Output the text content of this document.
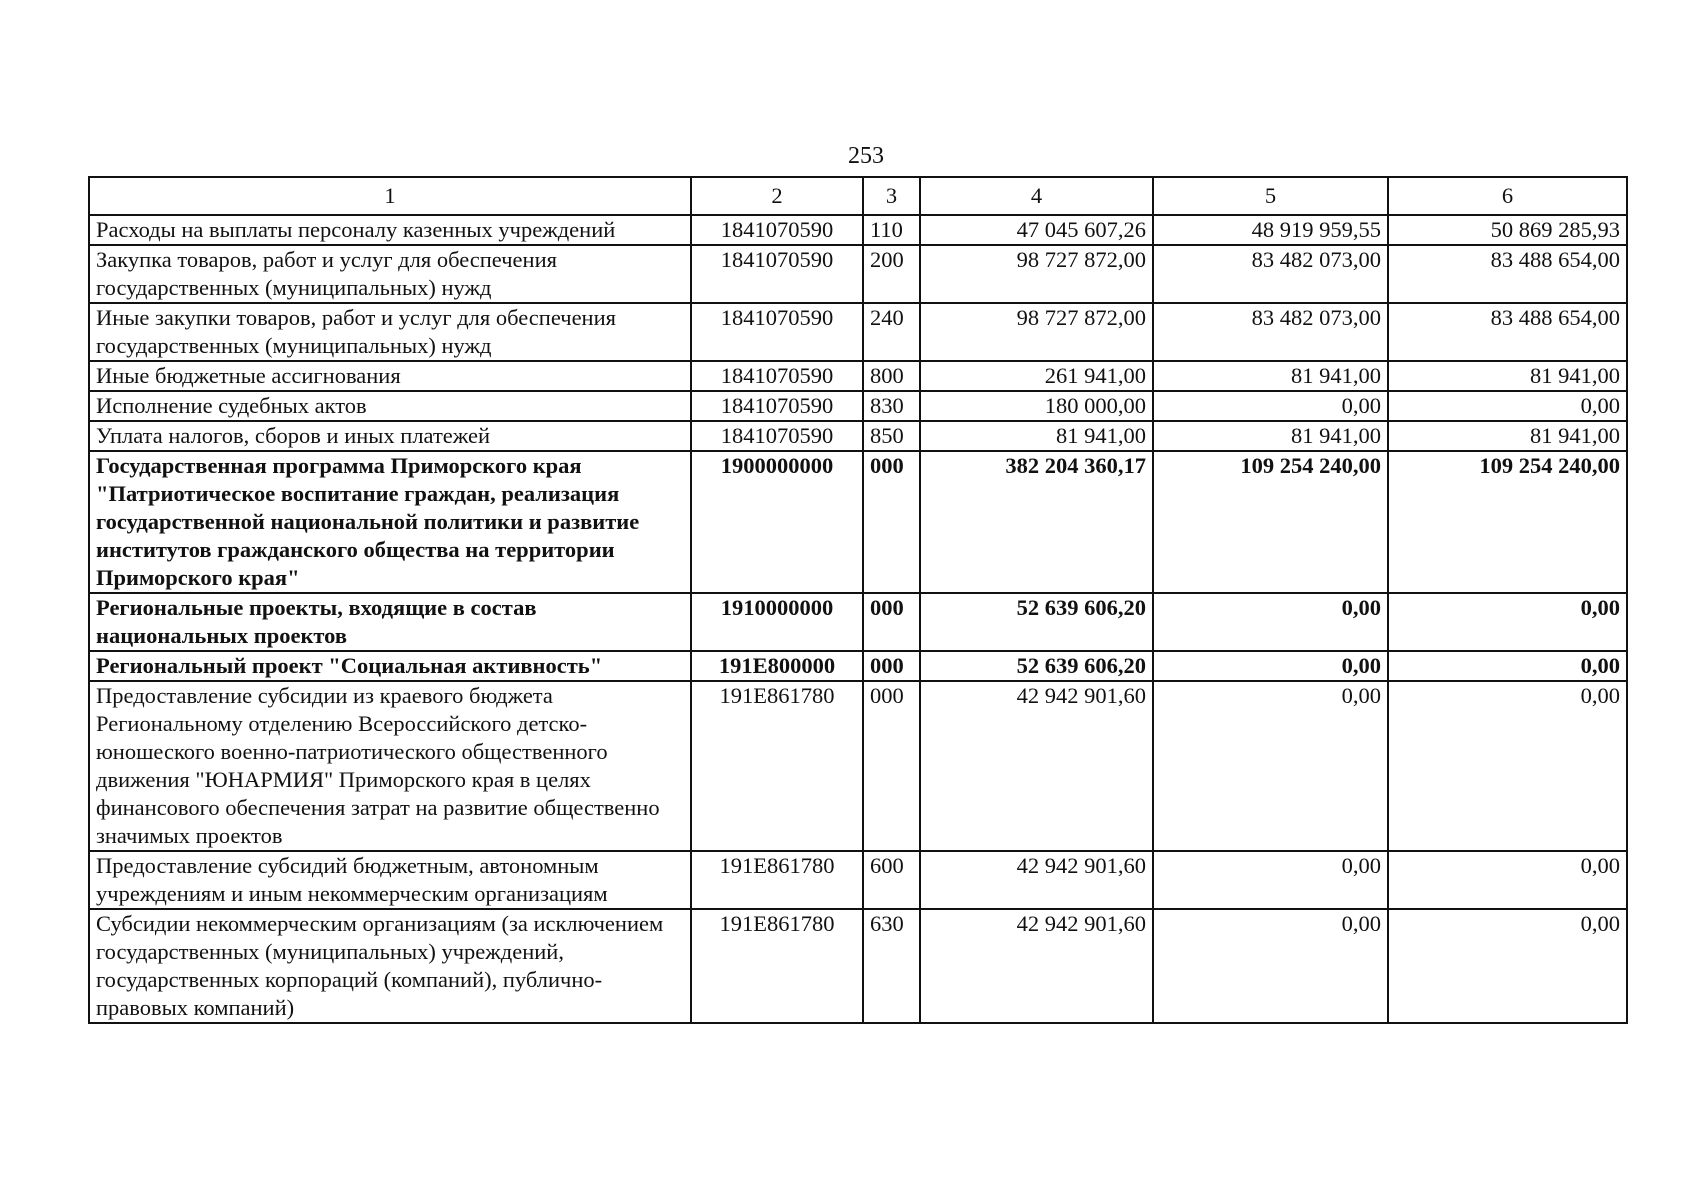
253
1	2	3	4	5	6
Расходы на выплаты персоналу казенных учреждений	1841070590	110	47 045 607,26	48 919 959,55	50 869 285,93
Закупка товаров, работ и услуг для обеспечения государственных (муниципальных) нужд	1841070590	200	98 727 872,00	83 482 073,00	83 488 654,00
Иные закупки товаров, работ и услуг для обеспечения государственных (муниципальных) нужд	1841070590	240	98 727 872,00	83 482 073,00	83 488 654,00
Иные бюджетные ассигнования	1841070590	800	261 941,00	81 941,00	81 941,00
Исполнение судебных актов	1841070590	830	180 000,00	0,00	0,00
Уплата налогов, сборов и иных платежей	1841070590	850	81 941,00	81 941,00	81 941,00
Государственная программа Приморского края "Патриотическое воспитание граждан, реализация государственной национальной политики и развитие институтов гражданского общества на территории Приморского края"	1900000000	000	382 204 360,17	109 254 240,00	109 254 240,00
Региональные проекты, входящие в состав национальных проектов	1910000000	000	52 639 606,20	0,00	0,00
Региональный проект "Социальная активность"	191E800000	000	52 639 606,20	0,00	0,00
Предоставление субсидии из краевого бюджета Региональному отделению Всероссийского детско-юношеского военно-патриотического общественного движения "ЮНАРМИЯ" Приморского края в целях финансового обеспечения затрат на развитие общественно значимых проектов	191E861780	000	42 942 901,60	0,00	0,00
Предоставление субсидий бюджетным, автономным учреждениям и иным некоммерческим организациям	191E861780	600	42 942 901,60	0,00	0,00
Субсидии некоммерческим организациям (за исключением государственных (муниципальных) учреждений, государственных корпораций (компаний), публично-правовых компаний)	191E861780	630	42 942 901,60	0,00	0,00
